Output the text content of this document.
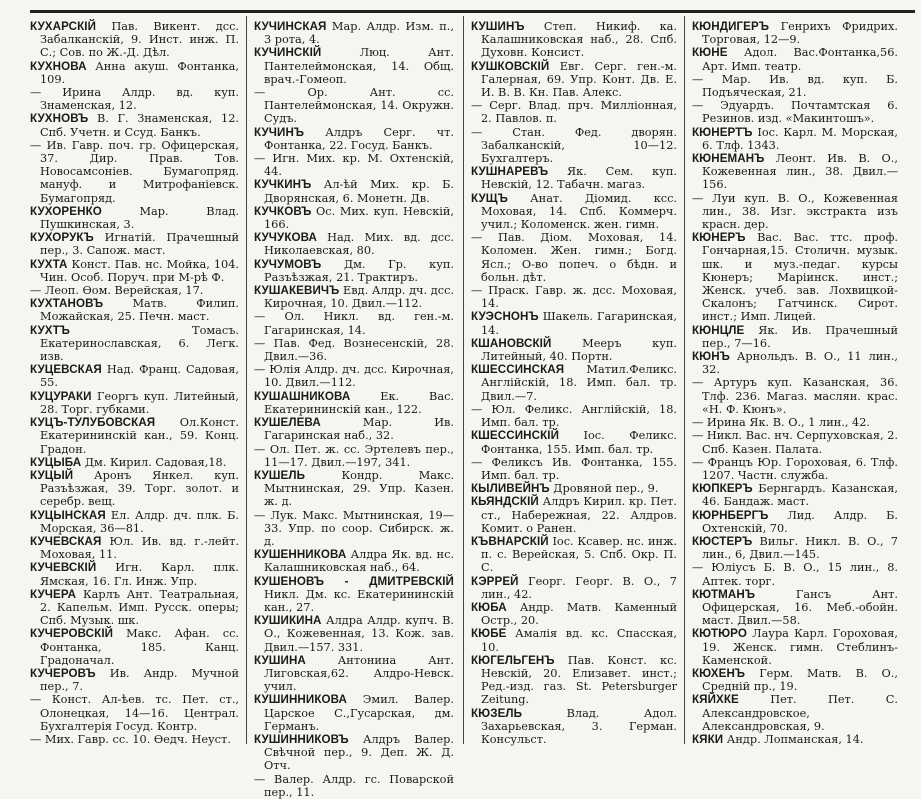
КУХАРСКІЙ Пав. Викент. дсс. Забалканскій, 9. Инст. инж. П. С.; Сов. по Ж.-Д. Дѣл.

КУХНОВА Анна акуш. Фонтанка, 109.

— Ирина Алдр. вд. куп. Знаменская, 12.

КУХНОВЪ В. Г. Знаменская, 12. Спб. Учетн. и Ссуд. Банкъ.

— Ив. Гавр. поч. гр. Офицерская, 37. Дир. Прав. Тов. Новосамсоніев. Бумагопряд. мануф. и Митрофаніевск. Бумагопряд.

КУХОРЕНКО Мар. Влад. Пушкинская, 3.

КУХОРУКЪ Игнатій. Прачешный пер., 3. Сапож. маст.

КУХТА Конст. Пав. нс. Мойка, 104. Чин. Особ. Поруч. при М-рѣ Ф.

— Леоп. Өом. Верейская, 17.

КУХТАНОВЪ Матв. Филип. Можайская, 25. Печн. маст.

КУХТЪ Томасъ. Екатеринославская, 6. Легк. изв.

КУЦЕВСКАЯ Над. Франц. Садовая, 55.

КУЦУРАКИ Георгъ куп. Литейный, 28. Торг. губками.

КУЦЪ-ТУЛУБОВСКАЯ Ол.Конст. Екатерининскій кан., 59. Конц. Градон.

КУЦЫБА Дм. Кирил. Садовая,18.

КУЦЫЙ Аронъ Янкел. куп. Разъѣзжая, 39. Торг. золот. и серебр. вещ.

КУЦЫНСКАЯ Ел. Алдр. дч. плк. Б. Морская, 36—81.

КУЧЕВСКАЯ Юл. Ив. вд. г.-лейт. Моховая, 11.

КУЧЕВСКІЙ Игн. Карл. плк. Ямская, 16. Гл. Инж. Упр.

КУЧЕРА Карлъ Ант. Театральная, 2. Капельм. Имп. Русск. оперы; Спб. Музык. шк.

КУЧЕРОВСКІЙ Макс. Афан. сс. Фонтанка, 185. Канц. Градоначал.

КУЧЕРОВЪ Ив. Андр. Мучной пер., 7.

— Конст. Ал-ѣев. тс. Пет. ст., Олонецкая, 14—16. Централ. Бухгалтерія Госуд. Контр.

— Мих. Гавр. сс. 10. Ѳедч. Неуст.

КУЧИНСКАЯ Мар. Алдр. Изм. п., 3 рота, 4.

КУЧИНСКІЙ Люц. Ант. Пантелеймонская, 14. Общ. врач.-Гомеоп.

— Ор. Ант. сс. Пантелеймонская, 14. Окружн. Судъ.

КУЧИНЪ Алдръ Серг. чт. Фонтанка, 22. Госуд. Банкъ.

— Игн. Мих. кр. М. Охтенскій, 44.

КУЧКИНЪ Ал-ѣй Мих. кр. Б. Дворянская, 6. Монетн. Дв.

КУЧКОВЪ Ос. Мих. куп. Невскій, 166.

КУЧУКОВА Над. Мих. вд. дсс. Николаевская, 80.

КУЧУМОВЪ Дм. Гр. куп. Разъѣзжая, 21. Трактиръ.

КУШАКЕВИЧЪ Евд. Алдр. дч. дсс. Кирочная, 10. Двил.—112.

— Ол. Никл. вд. ген.-м. Гагаринская, 14.

— Пав. Фед. Вознесенскій, 28. Двил.—36.

— Юлія Алдр. дч. дсс. Кирочная, 10. Двил.—112.

КУШАШНИКОВА Ек. Вас. Екатерининскій кан., 122.

КУШЕЛЕВА Мар. Ив. Гагаринская наб., 32.

— Ол. Пет. ж. сс. Эртелевъ пер., 11—17. Двил.—197, 341.

КУШЕЛЬ Кондр. Макс. Мытнинская, 29. Упр. Казен. ж. д.

— Лук. Макс. Мытнинская, 19—33. Упр. по соор. Сибирск. ж. д.

КУШЕННИКОВА Алдра Як. вд. нс. Калашниковская наб., 64.

КУШЕНОВЪ - ДМИТРЕВСКІЙ Никл. Дм. кс. Екатерининскій кан., 27.

КУШИКИНА Алдра Алдр. купч. В. О., Кожевенная, 13. Кож. зав. Двил.—157. 331.

КУШИНА Антонина Ант. Лиговская,62. Алдро-Невск. учил.

КУШИННИКОВА Эмил. Валер. Царское С.,Гусарская, дм. Германъ.

КУШИННИКОВЪ Алдръ Валер. Свѣчной пер., 9. Деп. Ж. Д. Отч.

— Валер. Алдр. гс. Поварской пер., 11.

КУШИНЪ Степ. Никиф. ка. Калашниковская наб., 28. Спб. Духовн. Консист.

КУШКОВСКІЙ Евг. Серг. ген.-м. Галерная, 69. Упр. Конт. Дв. Е. И. В. В. Кн. Пав. Алекс.

— Серг. Влад. прч. Милліонная, 2. Павлов. п.

— Стан. Фед. дворян. Забалканскій, 10—12. Бухгалтеръ.

КУШНАРЕВЪ Як. Сем. куп. Невскій, 12. Табачн. магаз.

КУЩЪ Анат. Діомид. ксс. Моховая, 14. Спб. Коммерч. учил.; Коломенск. жен. гимн.

— Пав. Діом. Моховая, 14. Коломен. Жен. гимн.; Богд. Ясл.; О-во попеч. о бѣдн. и больн. дѣт.

— Праск. Гавр. ж. дсс. Моховая, 14.

КУЭСНОНЪ Шакель. Гагаринская, 14.

КШАНОВСКІЙ Мееръ куп. Литейный, 40. Портн.

КШЕССИНСКАЯ Матил.Феликс. Англійскій, 18. Имп. бал. тр. Двил.—7.

— Юл. Феликс. Англійскій, 18. Имп. бал. тр.

КШЕССИНСКІЙ Іос. Феликс. Фонтанка, 155. Имп. бал. тр.

— Феликсъ Ив. Фонтанка, 155. Имп. бал. тр.

КЫЛИВЕЙНЪ Дровяной пер., 9.

КЬЯНДСКІЙ Алдръ Кирил. кр. Пет. ст., Набережная, 22. Алдров. Комит. о Ранен.

КЪВНАРСКІЙ Іос. Ксавер. нс. инж. п. с. Верейская, 5. Спб. Окр. П. С.

КЭРРЕЙ Георг. Георг. В. О., 7 лин., 42.

КЮБА Андр. Матв. Каменный Остр., 20.

КЮБЕ Амалія вд. кс. Спасская, 10.

КЮГЕЛЬГЕНЪ Пав. Конст. кс. Невскій, 20. Елизавет. инст.; Ред.-изд. газ. St. Petersburger Zeitung.

КЮЗЕЛЬ Влад. Адол. Захарьевская, 3. Герман. Консульст.

КЮНДИГЕРЪ Генрихъ Фридрих. Торговая, 12—9.

КЮНЕ Адол. Вас.Фонтанка,56. Арт. Имп. театр.

— Мар. Ив. вд. куп. Б. Подъяческая, 21.

— Эдуардъ. Почтамтская 6. Резинов. изд. «Макинтошъ».

КЮНЕРТЪ Іос. Карл. М. Морская, 6. Тлф. 1343.

КЮНЕМАНЪ Леонт. Ив. В. О., Кожевенная лин., 38. Двил.—156.

— Луи куп. В. О., Кожевенная лин., 38. Изг. экстракта изъ красн. дер.

КЮНЕРЪ Вас. Вас. ттс. проф. Гончарная,15. Столичн. музык. шк. и муз.-педаг. курсы Кюнеръ; Маріинск. инст.; Женск. учеб. зав. Лохвицкой-Скалонъ; Гатчинск. Сирот. инст.; Имп. Лицей.

КЮНЦЛЕ Як. Ив. Прачешный пер., 7—16.

КЮНЪ Арнольдъ. В. О., 11 лин., 32.

— Артуръ куп. Казанская, 36. Тлф. 236. Магаз. маслян. крас. «Н. Ф. Кюнъ».

— Ирина Як. В. О., 1 лин., 42.

— Никл. Вас. нч. Серпуховская, 2. Спб. Казен. Палата.

— Францъ Юр. Гороховая, 6. Тлф. 1207. Частн. служба.

КЮПКЕРЪ Бернгардъ. Казанская, 46. Бандаж. маст.

КЮРНБЕРГЪ Лид. Алдр. Б. Охтенскій, 70.

КЮСТЕРЪ Вильг. Никл. В. О., 7 лин., 6, Двил.—145.

— Юліусъ Б. В. О., 15 лин., 8. Аптек. торг.

КЮТМАНЪ Гансъ Ант. Офицерская, 16. Меб.-обойн. маст. Двил.—58.

КЮТЮРО Лаура Карл. Гороховая, 19. Женск. гимн. Стеблинъ-Каменской.

КЮХЕНЪ Герм. Матв. В. О., Средній пр., 19.

КЯЙХКЕ Пет. Пет. С. Александровское, Александровская, 9.

КЯКИ Андр. Лопманская, 14.
